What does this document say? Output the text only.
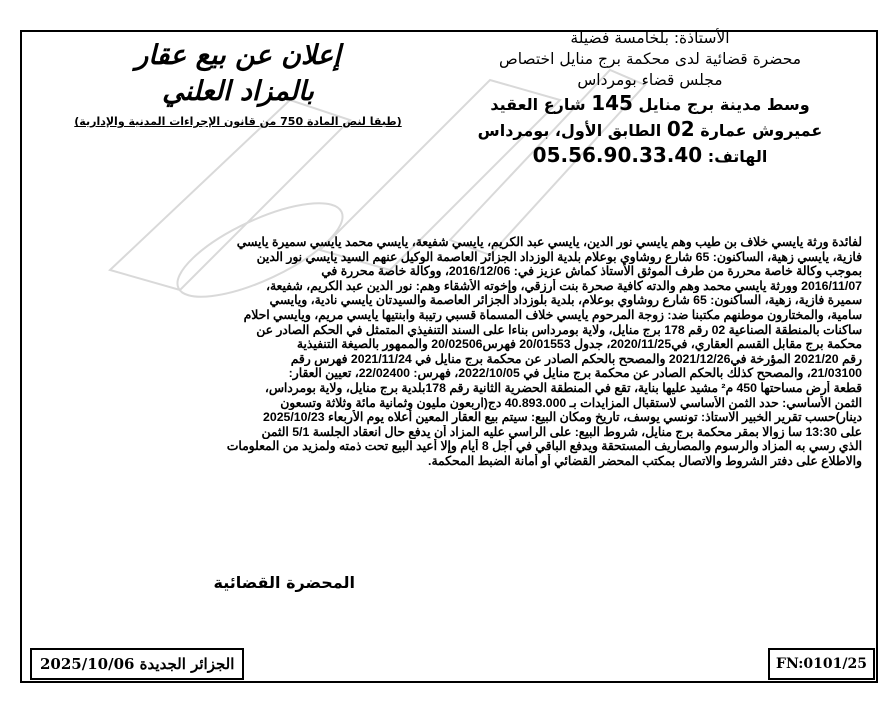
الأستاذة: بلخامسة فضيلة
محضرة قضائية لدى محكمة برج منايل اختصاص
مجلس قضاء بومرداس
وسط مدينة برج منايل 145 شارع العقيد
عميروش عمارة 02 الطابق الأول، بومرداس
الهاتف: 05.56.90.33.40
إعلان عن بيع عقار
بالمزاد العلني
(طبقا لنص المادة 750 من قانون الإجراءات المدنية والإدارية)
لفائدة ورثة يايسي خلاف بن طيب وهم يايسي نور الدين، يايسي عبد الكريم، يايسي شفيعة، يايسي محمد يايسي سميرة يايسي
فازية، يايسي زهية، الساكنون: 65 شارع روشاوي بوعلام بلدية الوزداد الجزائر العاصمة الوكيل عنهم السيد يايسي نور الدين
بموجب وكالة خاصة محررة من طرف الموثق الأستاذ كماش عزيز في: 2016/12/06، ووكالة خاصة محررة في
2016/11/07 وورثة يايسي محمد وهم والدته كافية صحرة بنت أرزقي، وإخوته الأشقاء وهم: نور الدين عبد الكريم، شفيعة،
سميرة فازية، زهية، الساكنون: 65 شارع روشاوي بوعلام، بلدية بلوزداد الجزائر العاصمة والسيدتان يايسي نادية، ويايسي
سامية، والمختارون موطنهم مكتبنا ضد: زوجة المرحوم يايسي خلاف المسماة قسبي رتيبة وابنتيها يايسي مريم، ويايسي احلام
ساكنات بالمنطقة الصناعية 02 رقم 178 برج منايل، ولاية بومرداس بناءا على السند التنفيذي المتمثل في الحكم الصادر عن
محكمة برج مقابل القسم العقاري، في2020/11/25، جدول 20/01553 فهرس20/02506 والممهور بالصيغة التنفيذية
رقم 2021/20 المؤرخة في2021/12/26 والمصحح بالحكم الصادر عن محكمة برج منايل في 2021/11/24 فهرس رقم
21/03100، والمصحح كذلك بالحكم الصادر عن محكمة برج منايل في 2022/10/05، فهرس: 22/02400، تعيين العقار:
قطعة أرض مساحتها 450 م² مشيد عليها بناية، تقع في المنطقة الحضرية الثانية رقم 178بلدية برج منايل، ولاية بومرداس،
الثمن الأساسي: حدد الثمن الأساسي لاستقبال المزايدات بـ 40.893.000 دج(اربعون مليون وثمانية مائة وثلاثة وتسعون
دينار)حسب تقرير الخبير الاستاذ: تونسي يوسف، تاريخ ومكان البيع: سيتم بيع العقار المعين أعلاه يوم الأربعاء 2025/10/23
على 13:30 سا زوالا بمقر محكمة برج منايل، شروط البيع: على الراسي عليه المزاد أن يدفع حال انعقاد الجلسة 5/1 الثمن
الذي رسي به المزاد والرسوم والمصاريف المستحقة ويدفع الباقي في أجل 8 أيام وإلا أعيد البيع تحت ذمته ولمزيد من المعلومات
والاطلاع على دفتر الشروط والاتصال بمكتب المحضر القضائي أو أمانة الضبط المحكمة.
المحضرة القضائية
الجزائر الجديدة 2025/10/06	FN:0101/25
